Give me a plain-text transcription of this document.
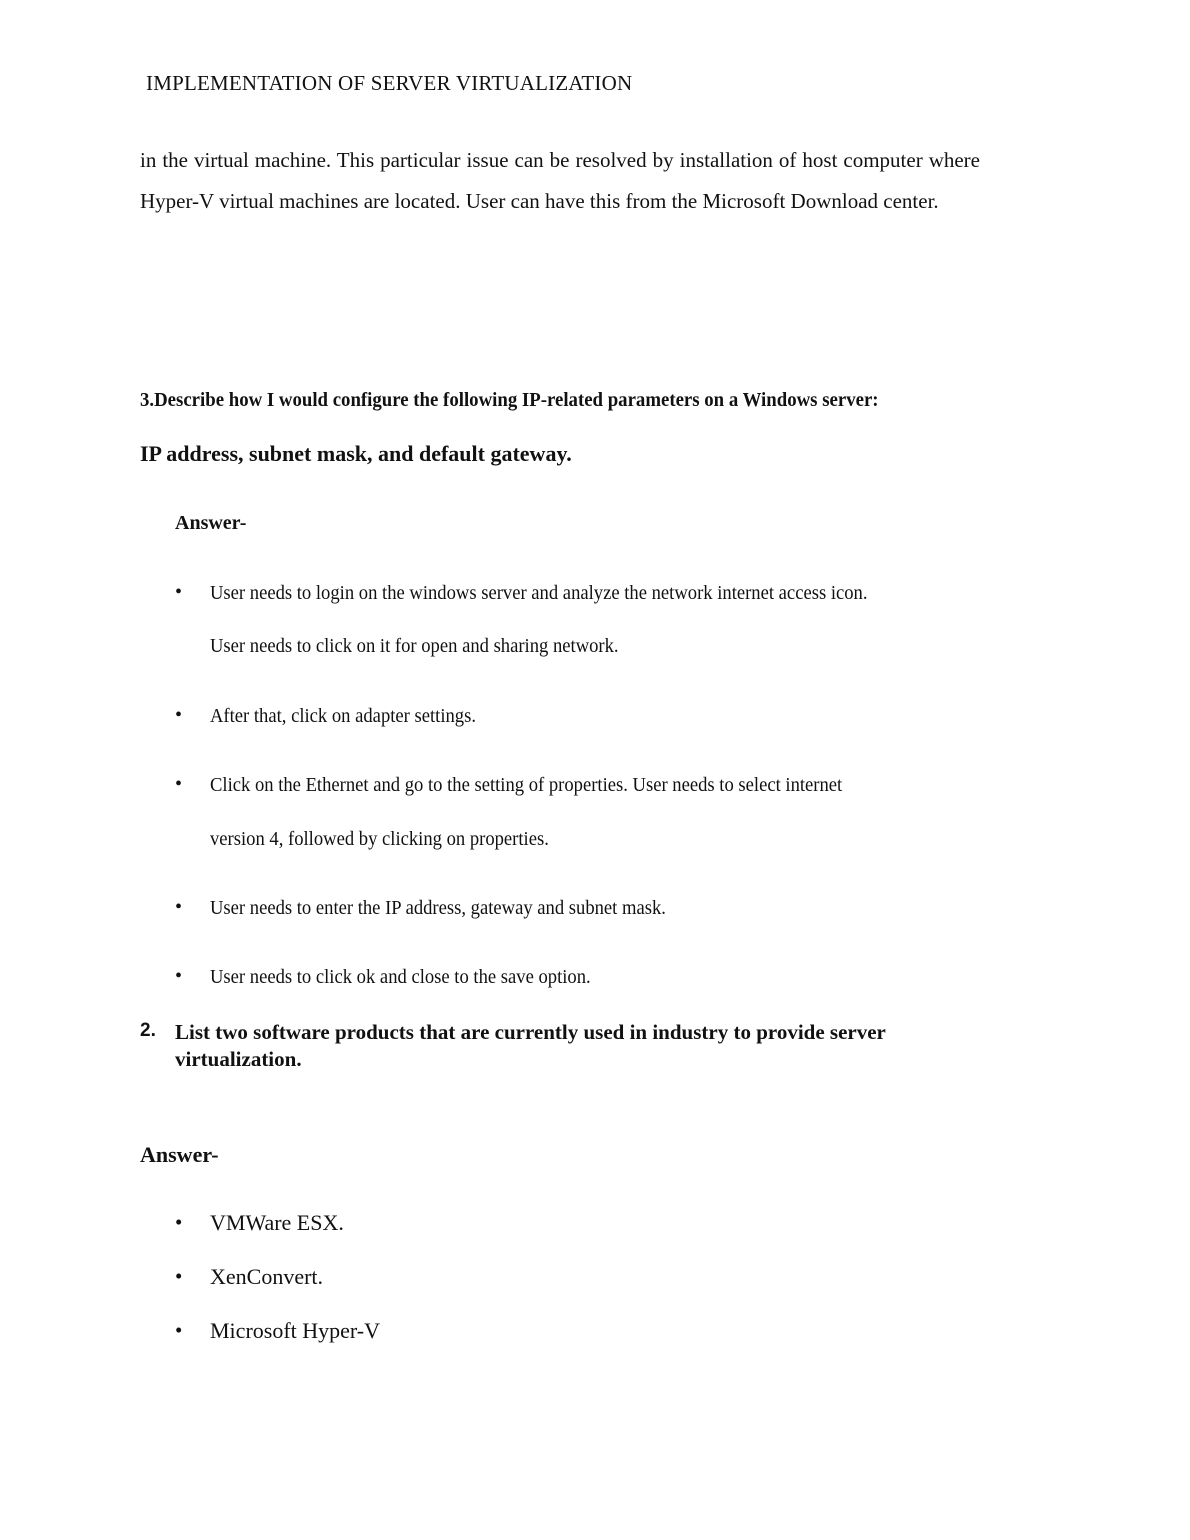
IMPLEMENTATION OF SERVER VIRTUALIZATION
in the virtual machine. This particular issue can be resolved by installation of host computer where Hyper-V virtual machines are located. User can have this from the Microsoft Download center.
3.Describe how I would configure the following IP-related parameters on a Windows server:
IP address, subnet mask, and default gateway.
Answer-
• User needs to login on the windows server and analyze the network internet access icon.
User needs to click on it for open and sharing network.
• After that, click on adapter settings.
• Click on the Ethernet and go to the setting of properties. User needs to select internet
version 4, followed by clicking on properties.
• User needs to enter the IP address, gateway and subnet mask.
• User needs to click ok and close to the save option.
2. List two software products that are currently used in industry to provide server virtualization.
Answer-
• VMWare ESX.
• XenConvert.
• Microsoft Hyper-V
